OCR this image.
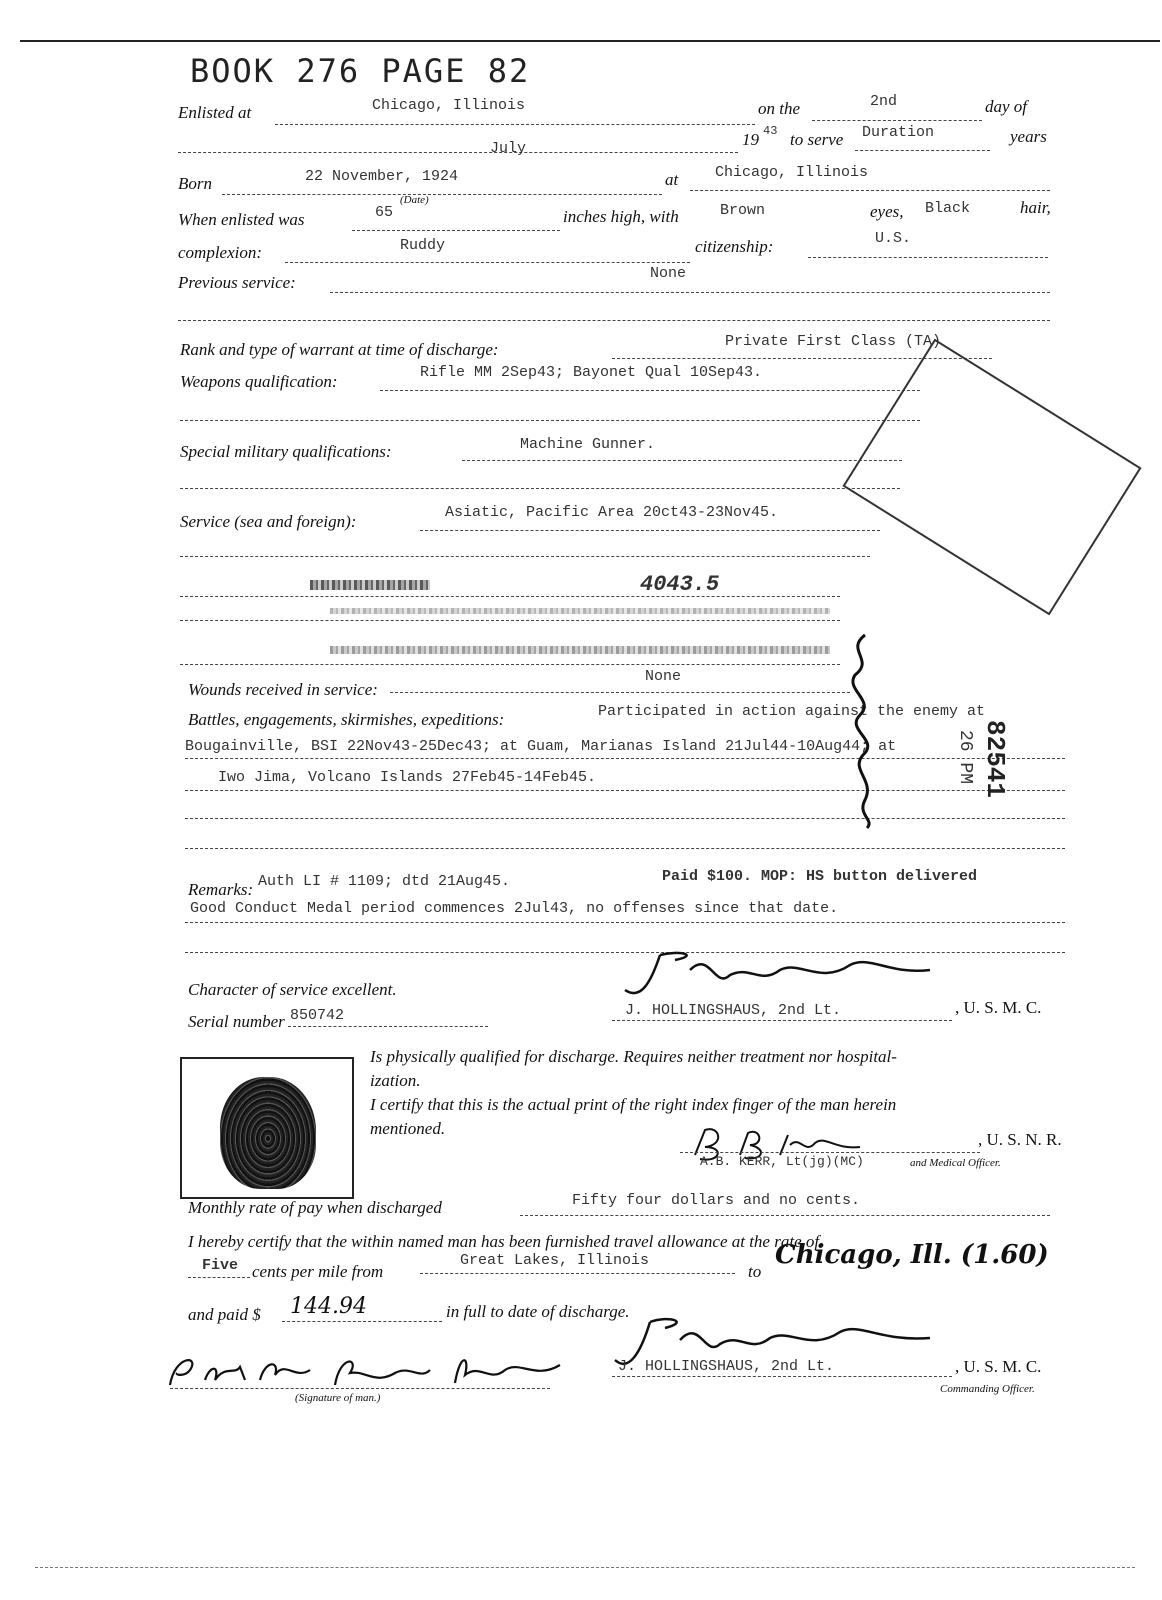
BOOK 276 PAGE 82
Enlisted at	Chicago, Illinois	on the	2nd	day of
July	19 43 to serve Duration	years
Born	22 November, 1924
(Date)
at Chicago, Illinois
When enlisted was	65	inches high, with	Brown	eyes, Black	hair,
complexion:	Ruddy	citizenship:	U.S.
Previous service:	None
Rank and type of warrant at time of discharge:	Private First Class (TA)
Weapons qualification:	Rifle MM 2Sep43; Bayonet Qual 10Sep43.
Special military qualifications:	Machine Gunner.
Service (sea and foreign):	Asiatic, Pacific Area 20ct43-23Nov45.
4043.5
Wounds received in service:
None
Battles, engagements, skirmishes, expeditions:	Participated in action against the enemy at
Bougainville, BSI 22Nov43-25Dec43; at Guam, Marianas Island 21Jul44-10Aug44; at
Iwo Jima, Volcano Islands 27Feb45-14Feb45.
Remarks: Auth LI # 1109; dtd 21Aug45.	Paid $100. MOP: HS button delivered
Good Conduct Medal period commences 2Jul43, no offenses since that date.
Character of service excellent.
Serial number 850742	J. HOLLINGSHAUS, 2nd Lt.	, U. S. M. C.
Is physically qualified for discharge. Requires neither treatment nor hospital-
ization.
I certify that this is the actual print of the right index finger of the man herein
mentioned.
A.B. KERR, Lt(jg)(MC)	and Medical Officer.
, U. S. N. R.
Monthly rate of pay when discharged	Fifty four dollars and no cents.
I hereby certify that the within named man has been furnished travel allowance at the rate of
Five cents per mile from
Great Lakes, Illinois
to
Chicago, Ill. (1.60)
and paid $ 144.94	in full to date of discharge.
(Signature of man.)
J. HOLLINGSHAUS, 2nd Lt.	, U. S. M. C.
Commanding Officer.
82541
26 PM
